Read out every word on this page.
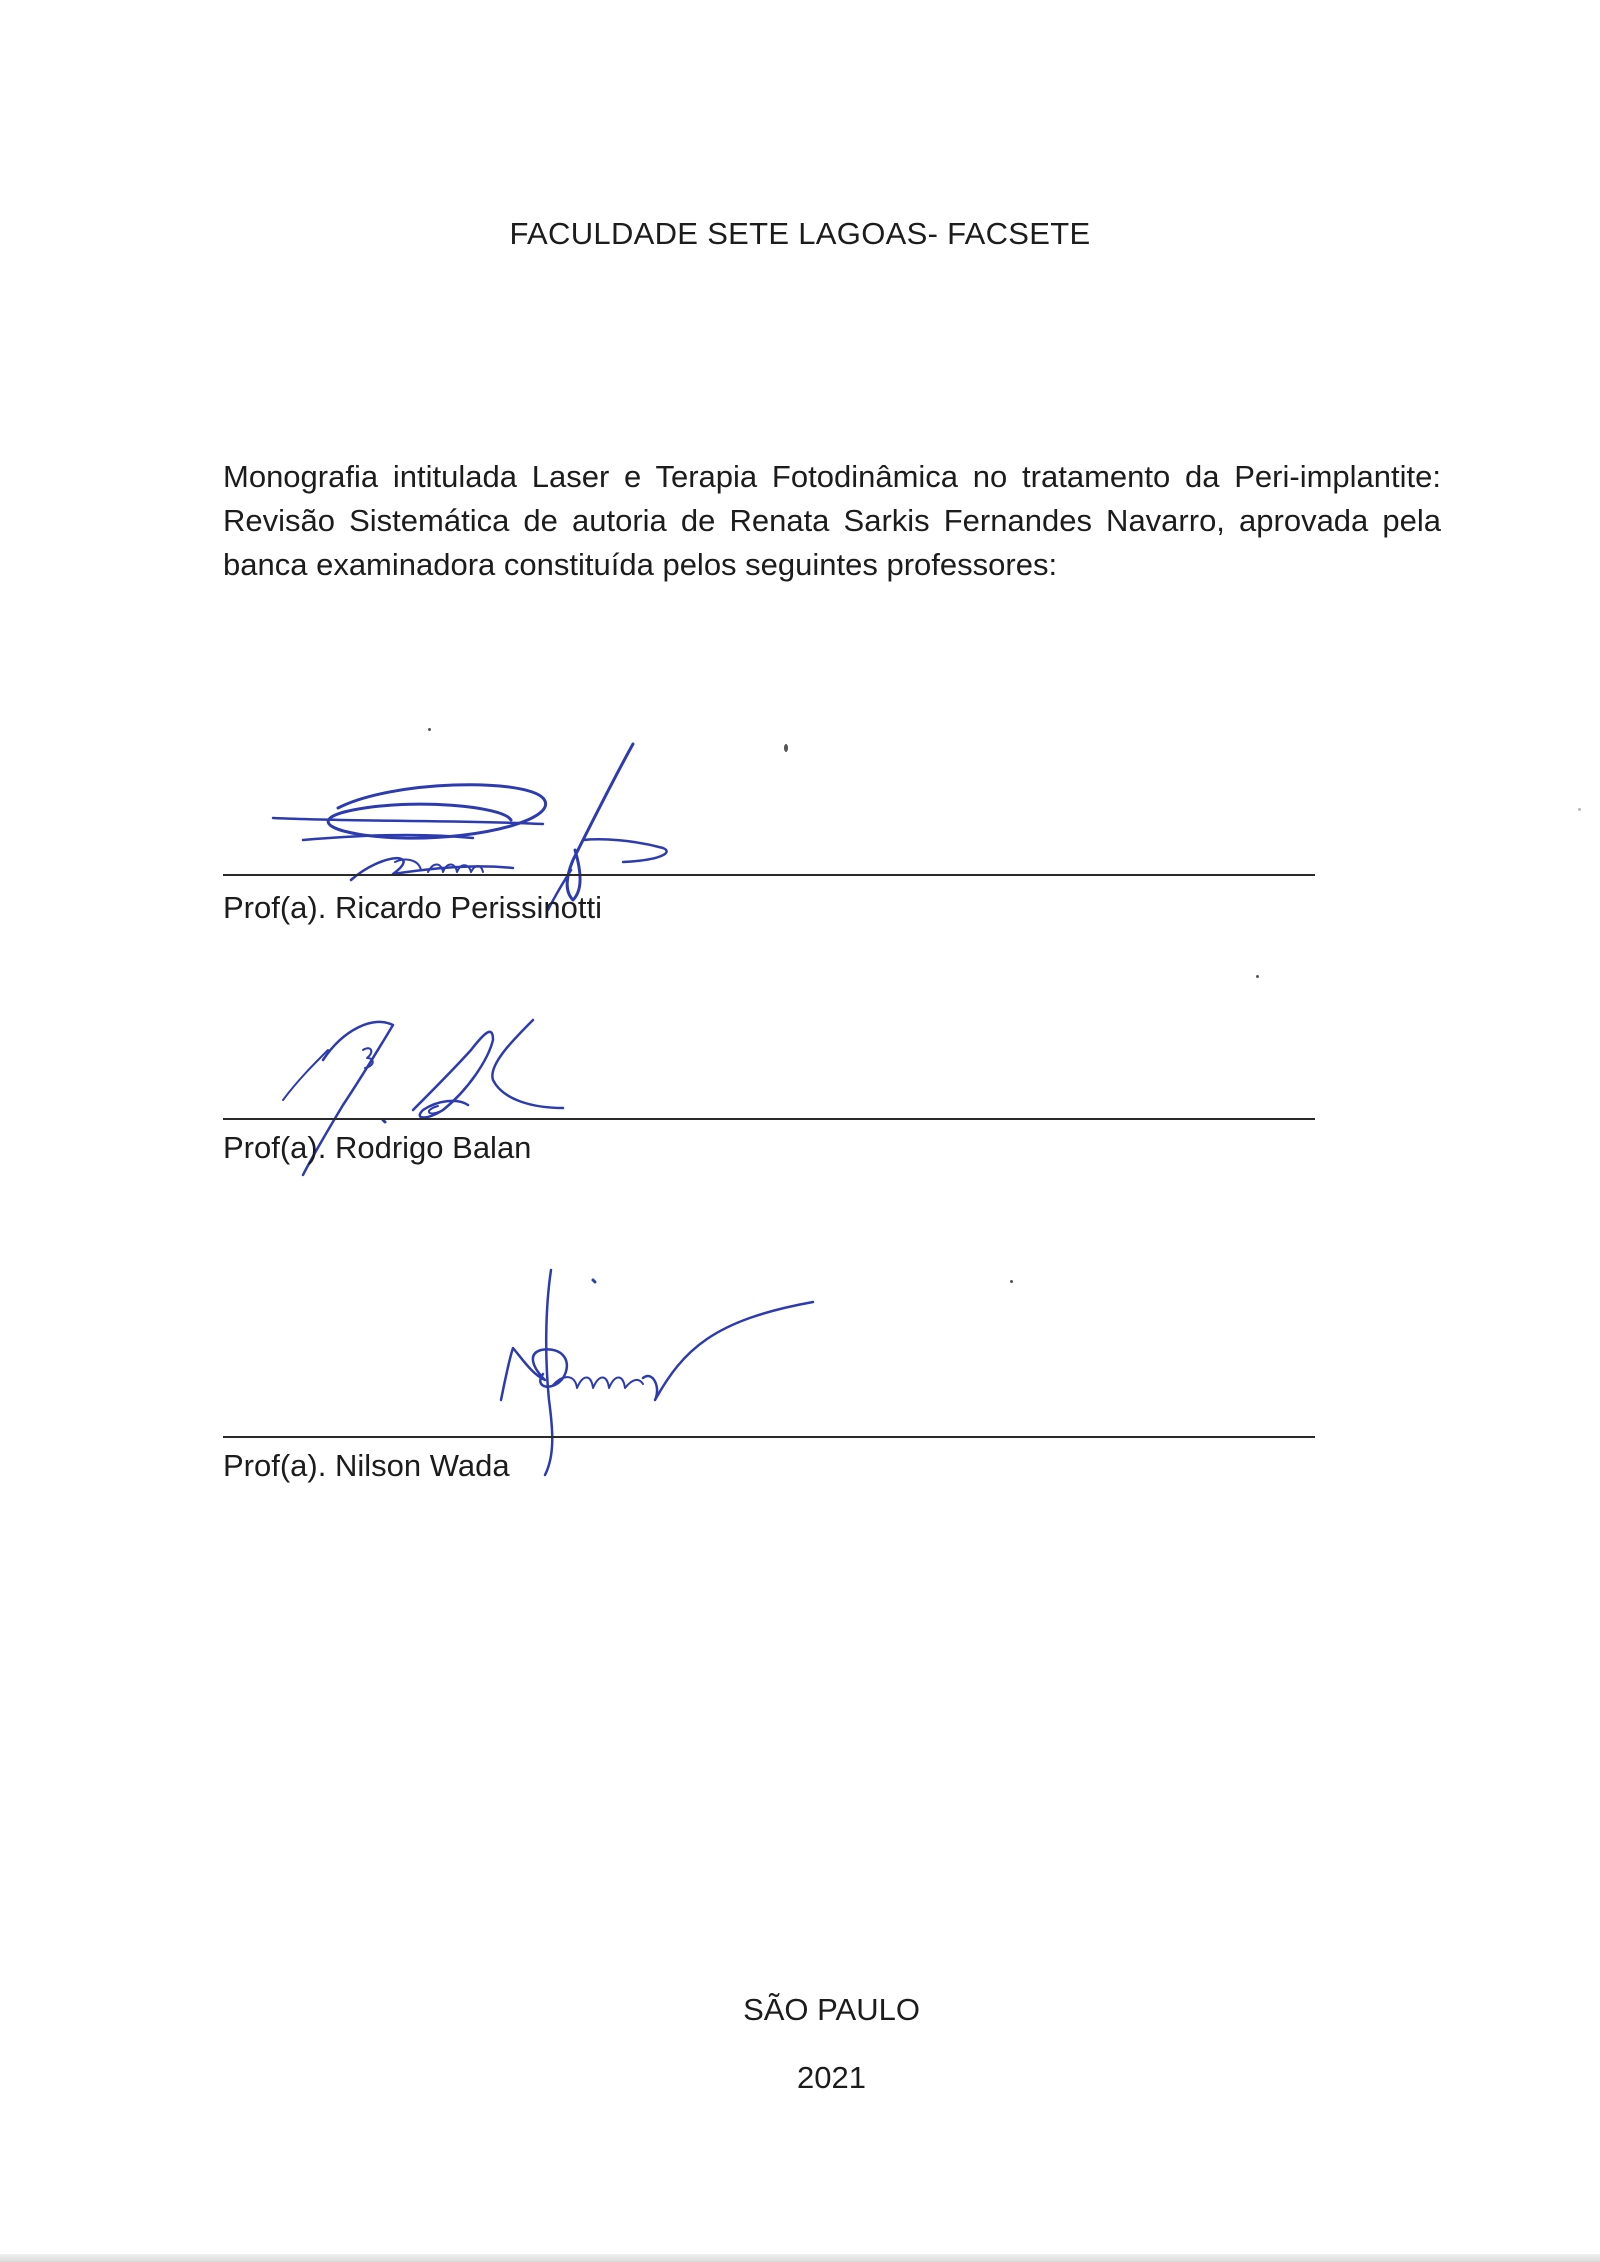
FACULDADE SETE LAGOAS- FACSETE
Monografia intitulada Laser e Terapia Fotodinâmica no tratamento da Peri-implantite: Revisão Sistemática de autoria de Renata Sarkis Fernandes Navarro, aprovada pela banca examinadora constituída pelos seguintes professores:
Prof(a). Ricardo Perissinotti
Prof(a). Rodrigo Balan
Prof(a). Nilson Wada
SÃO PAULO
2021
